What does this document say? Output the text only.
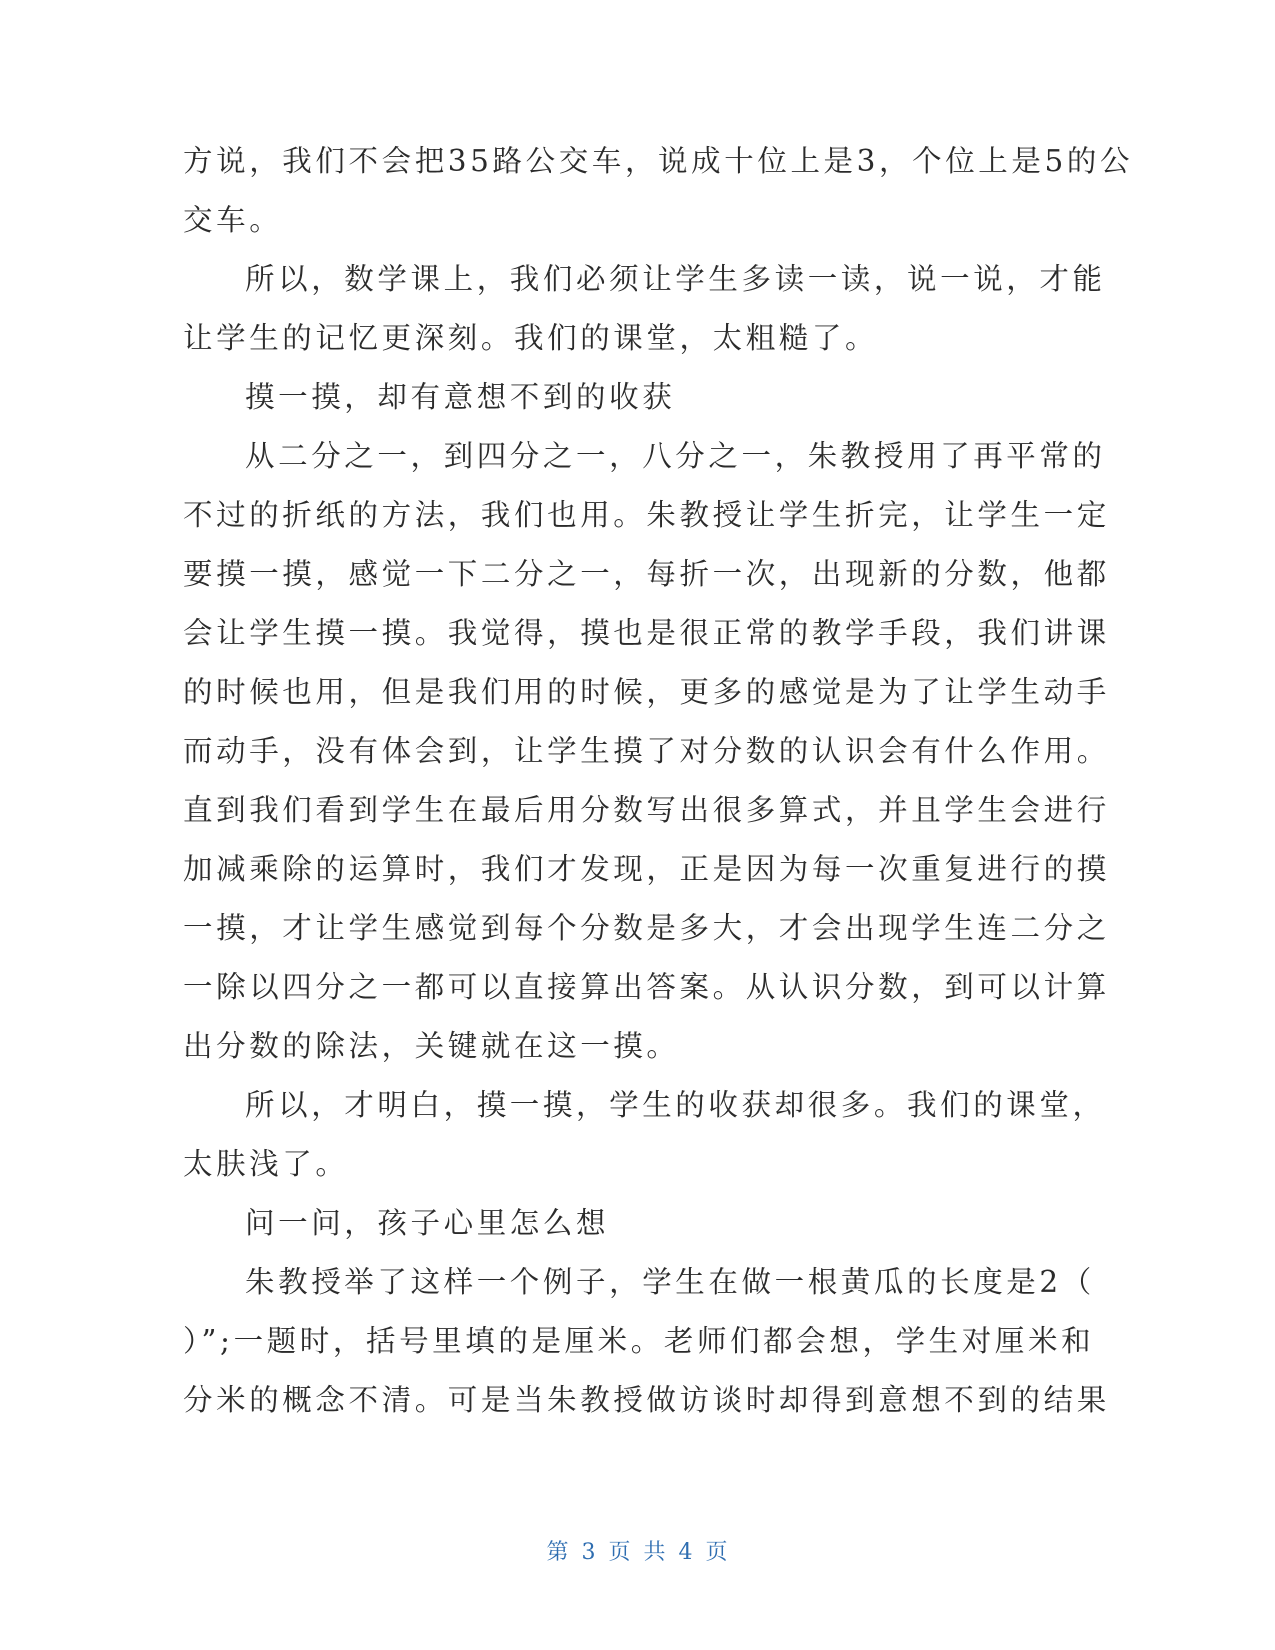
方说，我们不会把35路公交车，说成十位上是3，个位上是5的公
交车。
所以，数学课上，我们必须让学生多读一读，说一说，才能
让学生的记忆更深刻。我们的课堂，太粗糙了。
摸一摸，却有意想不到的收获
从二分之一，到四分之一，八分之一，朱教授用了再平常的
不过的折纸的方法，我们也用。朱教授让学生折完，让学生一定
要摸一摸，感觉一下二分之一，每折一次，出现新的分数，他都
会让学生摸一摸。我觉得，摸也是很正常的教学手段，我们讲课
的时候也用，但是我们用的时候，更多的感觉是为了让学生动手
而动手，没有体会到，让学生摸了对分数的认识会有什么作用。
直到我们看到学生在最后用分数写出很多算式，并且学生会进行
加减乘除的运算时，我们才发现，正是因为每一次重复进行的摸
一摸，才让学生感觉到每个分数是多大，才会出现学生连二分之
一除以四分之一都可以直接算出答案。从认识分数，到可以计算
出分数的除法，关键就在这一摸。
所以，才明白，摸一摸，学生的收获却很多。我们的课堂，
太肤浅了。
问一问，孩子心里怎么想
朱教授举了这样一个例子，学生在做一根黄瓜的长度是2（
）”;一题时，括号里填的是厘米。老师们都会想，学生对厘米和
分米的概念不清。可是当朱教授做访谈时却得到意想不到的结果
第 3 页 共 4 页
